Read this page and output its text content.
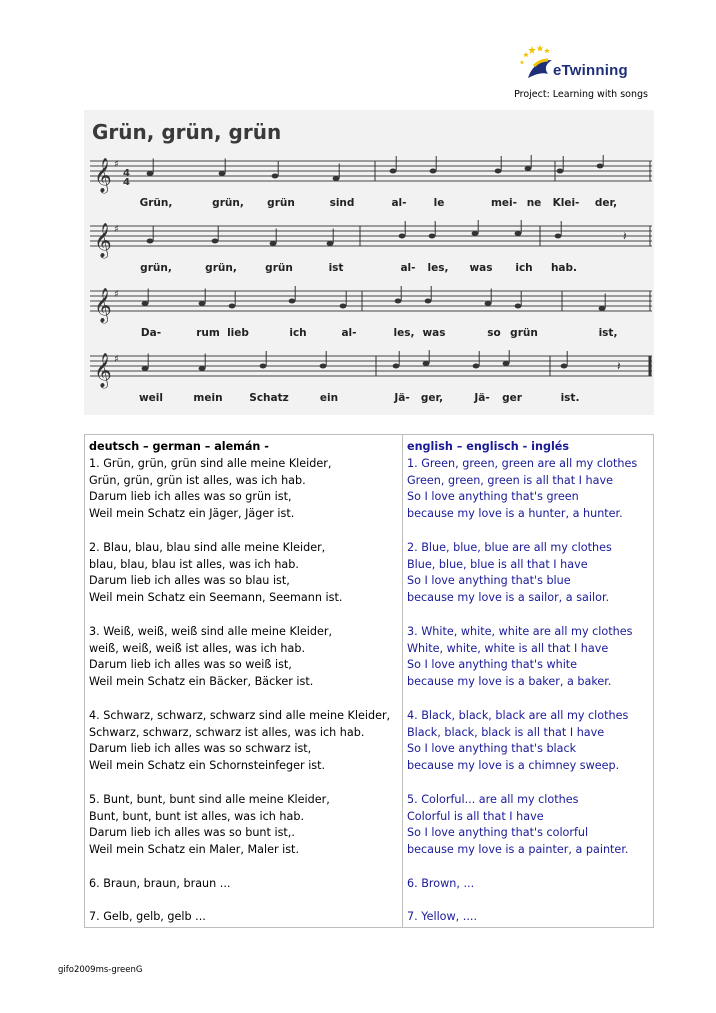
eTwinning
Project: Learning with songs
Grün, grün, grün
𝄞 ♯
4
4
Grün,	grün, grün	sind	al-	le	mei- ne Klei- der,
𝄞 ♯	𝄽
grün,	grün,	grün	ist	al- les, was ich hab.
𝄞 ♯
Da-	rum lieb	ich	al-	les, was	so grün	ist,
𝄞 ♯	𝄽
weil	mein	Schatz	ein	Jä- ger,	Jä- ger	ist.
deutsch – german – alemán -
1. Grün, grün, grün sind alle meine Kleider,
Grün, grün, grün ist alles, was ich hab.
Darum lieb ich alles was so grün ist,
Weil mein Schatz ein Jäger, Jäger ist.
2. Blau, blau, blau sind alle meine Kleider,
blau, blau, blau ist alles, was ich hab.
Darum lieb ich alles was so blau ist,
Weil mein Schatz ein Seemann, Seemann ist.
3. Weiß, weiß, weiß sind alle meine Kleider,
weiß, weiß, weiß ist alles, was ich hab.
Darum lieb ich alles was so weiß ist,
Weil mein Schatz ein Bäcker, Bäcker ist.
4. Schwarz, schwarz, schwarz sind alle meine Kleider,
Schwarz, schwarz, schwarz ist alles, was ich hab.
Darum lieb ich alles was so schwarz ist,
Weil mein Schatz ein Schornsteinfeger ist.
5. Bunt, bunt, bunt sind alle meine Kleider,
Bunt, bunt, bunt ist alles, was ich hab.
Darum lieb ich alles was so bunt ist,.
Weil mein Schatz ein Maler, Maler ist.
6. Braun, braun, braun ...
7. Gelb, gelb, gelb ...
english – englisch - inglés
1. Green, green, green are all my clothes
Green, green, green is all that I have
So I love anything that's green
because my love is a hunter, a hunter.
2. Blue, blue, blue are all my clothes
Blue, blue, blue is all that I have
So I love anything that's blue
because my love is a sailor, a sailor.
3. White, white, white are all my clothes
White, white, white is all that I have
So I love anything that's white
because my love is a baker, a baker.
4. Black, black, black are all my clothes
Black, black, black is all that I have
So I love anything that's black
because my love is a chimney sweep.
5. Colorful... are all my clothes
Colorful is all that I have
So I love anything that's colorful
because my love is a painter, a painter.
6. Brown, ...
7. Yellow, ....
gifo2009ms-greenG
